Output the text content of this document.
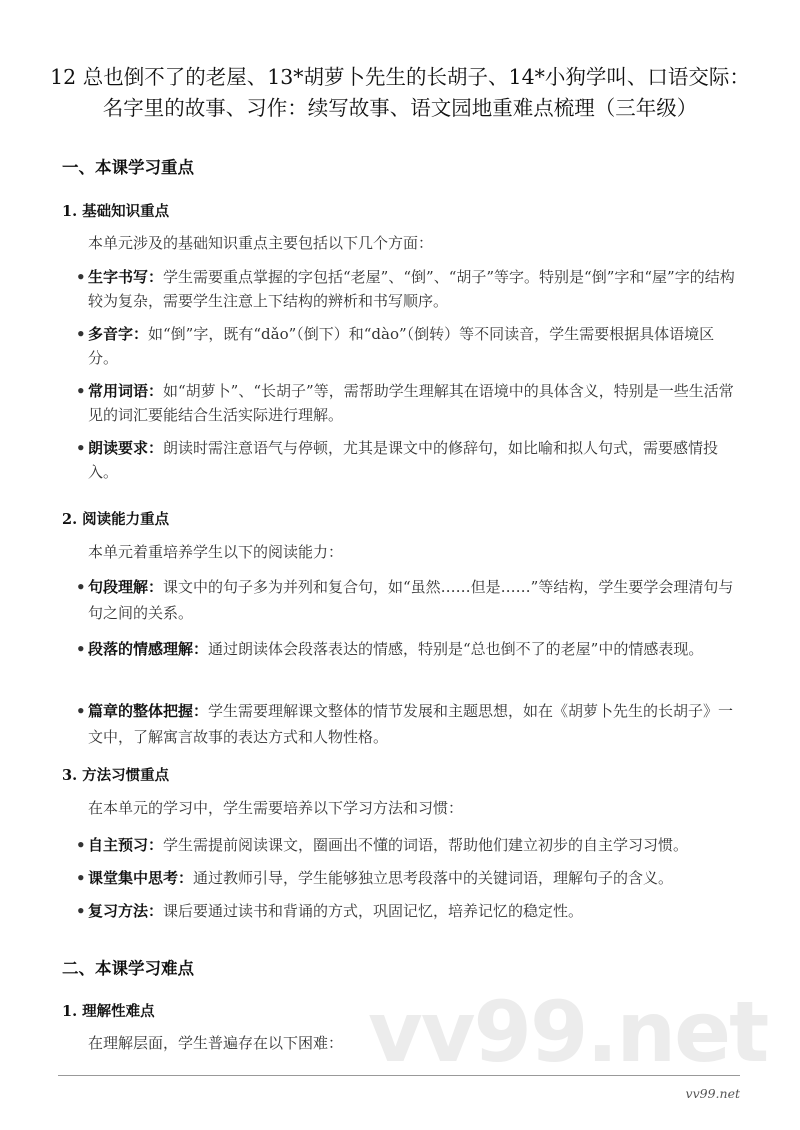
vv99.net
12 总也倒不了的老屋、13*胡萝卜先生的长胡子、14*小狗学叫、口语交际：名字里的故事、习作：续写故事、语文园地重难点梳理（三年级）
一、本课学习重点
1. 基础知识重点
本单元涉及的基础知识重点主要包括以下几个方面：
• 生字书写：学生需要重点掌握的字包括“老屋”、“倒”、“胡子”等字。特别是“倒”字和“屋”字的结构较为复杂，需要学生注意上下结构的辨析和书写顺序。
• 多音字：如“倒”字，既有“dǎo”（倒下）和“dào”（倒转）等不同读音，学生需要根据具体语境区分。
• 常用词语：如“胡萝卜”、“长胡子”等，需帮助学生理解其在语境中的具体含义，特别是一些生活常见的词汇要能结合生活实际进行理解。
• 朗读要求：朗读时需注意语气与停顿，尤其是课文中的修辞句，如比喻和拟人句式，需要感情投入。
2. 阅读能力重点
本单元着重培养学生以下的阅读能力：
• 句段理解：课文中的句子多为并列和复合句，如“虽然……但是……”等结构，学生要学会理清句与句之间的关系。
• 段落的情感理解：通过朗读体会段落表达的情感，特别是“总也倒不了的老屋”中的情感表现。
• 篇章的整体把握：学生需要理解课文整体的情节发展和主题思想，如在《胡萝卜先生的长胡子》一文中，了解寓言故事的表达方式和人物性格。
3. 方法习惯重点
在本单元的学习中，学生需要培养以下学习方法和习惯：
• 自主预习：学生需提前阅读课文，圈画出不懂的词语，帮助他们建立初步的自主学习习惯。
• 课堂集中思考：通过教师引导，学生能够独立思考段落中的关键词语，理解句子的含义。
• 复习方法：课后要通过读书和背诵的方式，巩固记忆，培养记忆的稳定性。
二、本课学习难点
1. 理解性难点
在理解层面，学生普遍存在以下困难：
vv99.net
